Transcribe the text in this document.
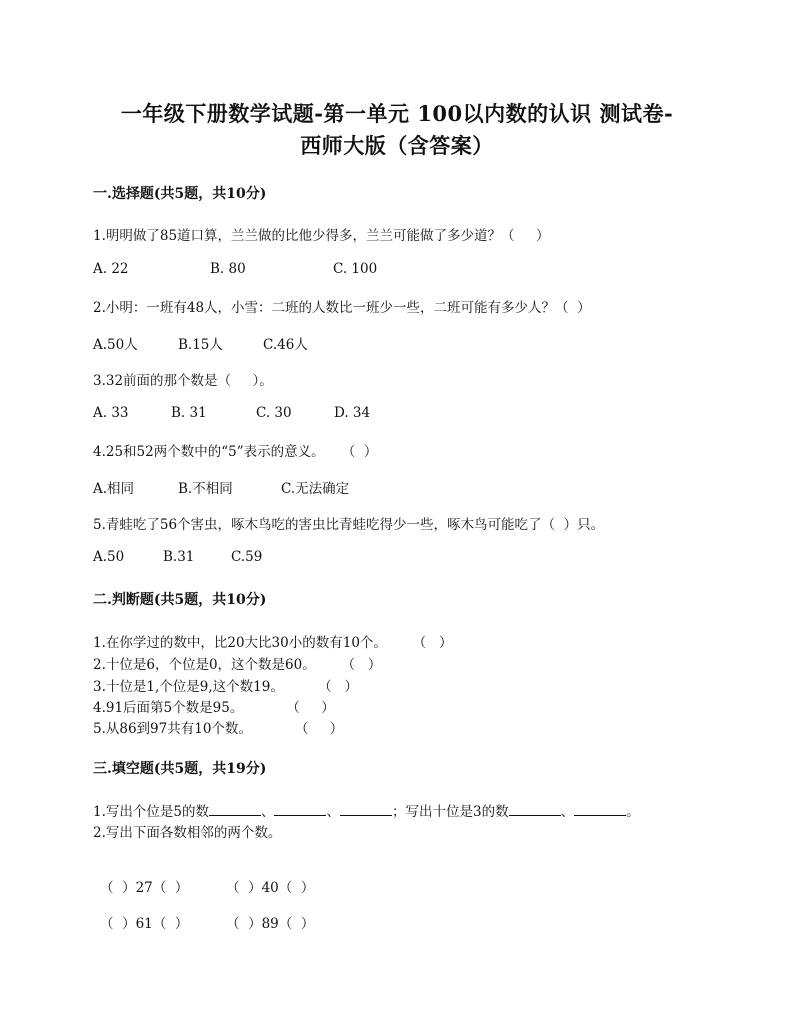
一年级下册数学试题-第一单元 100以内数的认识 测试卷-
西师大版（含答案）
一.选择题(共5题，共10分)
1.明明做了85道口算，兰兰做的比他少得多，兰兰可能做了多少道？（     ）
A. 22	B. 80	C. 100
2.小明：一班有48人，小雪：二班的人数比一班少一些，二班可能有多少人？（  ）
A.50人	B.15人	C.46人
3.32前面的那个数是（     ）。
A. 33	B. 31	C. 30	D. 34
4.25和52两个数中的“5”表示的意义。    （  ）
A.相同	B.不相同	C.无法确定
5.青蛙吃了56个害虫，啄木鸟吃的害虫比青蛙吃得少一些，啄木鸟可能吃了（  ）只。
A.50	B.31	C.59
二.判断题(共5题，共10分)
1.在你学过的数中，比20大比30小的数有10个。      （   ）
2.十位是6，个位是0，这个数是60。      （   ）
3.十位是1,个位是9,这个数19。        （   ）
4.91后面第5个数是95。          （     ）
5.从86到97共有10个数。          （     ）
三.填空题(共5题，共19分)
1.写出个位是5的数	、	、	；写出十位是3的数	、	。
2.写出下面各数相邻的两个数。
（  ）27（  ）	（  ）40（  ）
（  ）61（  ）	（  ）89（  ）
